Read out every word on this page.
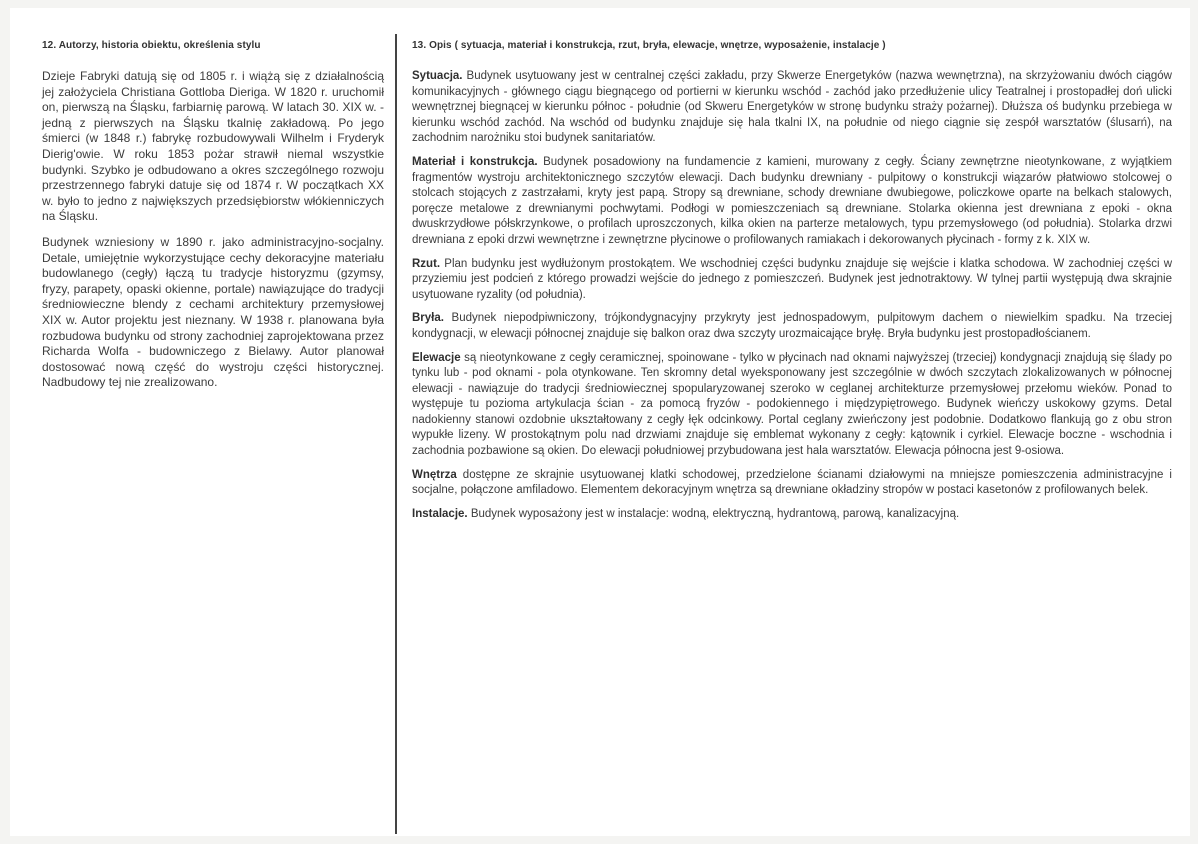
12. Autorzy, historia obiektu, określenia stylu

Dzieje Fabryki datują się od 1805 r. i wiążą się z działalnością jej założyciela Christiana Gottloba Dieriga. W 1820 r. uruchomił on, pierwszą na Śląsku, farbiarnię parową. W latach 30. XIX w. - jedną z pierwszych na Śląsku tkalnię zakładową. Po jego śmierci (w 1848 r.) fabrykę rozbudowywali Wilhelm i Fryderyk Dierig'owie. W roku 1853 pożar strawił niemal wszystkie budynki. Szybko je odbudowano a okres szczególnego rozwoju przestrzennego fabryki datuje się od 1874 r. W początkach XX w. było to jedno z największych przedsiębiorstw włókienniczych na Śląsku.

Budynek wzniesiony w 1890 r. jako administracyjno-socjalny. Detale, umiejętnie wykorzystujące cechy dekoracyjne materiału budowlanego (cegły) łączą tu tradycje historyzmu (gzymsy, fryzy, parapety, opaski okienne, portale) nawiązujące do tradycji średniowieczne blendy z cechami architektury przemysłowej XIX w. Autor projektu jest nieznany. W 1938 r. planowana była rozbudowa budynku od strony zachodniej zaprojektowana przez Richarda Wolfa - budowniczego z Bielawy. Autor planował dostosować nową część do wystroju części historycznej. Nadbudowy tej nie zrealizowano.

13. Opis ( sytuacja, materiał i konstrukcja, rzut, bryła, elewacje, wnętrze, wyposażenie, instalacje )

Sytuacja. Budynek usytuowany jest w centralnej części zakładu, przy Skwerze Energetyków (nazwa wewnętrzna), na skrzyżowaniu dwóch ciągów komunikacyjnych - głównego ciągu biegnącego od portierni w kierunku wschód - zachód jako przedłużenie ulicy Teatralnej i prostopadłej doń ulicki wewnętrznej biegnącej w kierunku północ - południe (od Skweru Energetyków w stronę budynku straży pożarnej). Dłuższa oś budynku przebiega w kierunku wschód zachód. Na wschód od budynku znajduje się hala tkalni IX, na południe od niego ciągnie się zespół warsztatów (ślusarń), na zachodnim narożniku stoi budynek sanitariatów.

Materiał i konstrukcja. Budynek posadowiony na fundamencie z kamieni, murowany z cegły. Ściany zewnętrzne nieotynkowane, z wyjątkiem fragmentów wystroju architektonicznego szczytów elewacji. Dach budynku drewniany - pulpitowy o konstrukcji wiązarów płatwiowo stolcowej o stolcach stojących z zastrzałami, kryty jest papą. Stropy są drewniane, schody drewniane dwubiegowe, policzkowe oparte na belkach stalowych, poręcze metalowe z drewnianymi pochwytami. Podłogi w pomieszczeniach są drewniane. Stolarka okienna jest drewniana z epoki - okna dwuskrzydłowe półskrzynkowe, o profilach uproszczonych, kilka okien na parterze metalowych, typu przemysłowego (od południa). Stolarka drzwi drewniana z epoki drzwi wewnętrzne i zewnętrzne płycinowe o profilowanych ramiakach i dekorowanych płycinach - formy z k. XIX w.

Rzut. Plan budynku jest wydłużonym prostokątem. We wschodniej części budynku znajduje się wejście i klatka schodowa. W zachodniej części w przyziemiu jest podcień z którego prowadzi wejście do jednego z pomieszczeń. Budynek jest jednotraktowy. W tylnej partii występują dwa skrajnie usytuowane ryzality (od południa).

Bryła. Budynek niepodpiwniczony, trójkondygnacyjny przykryty jest jednospadowym, pulpitowym dachem o niewielkim spadku. Na trzeciej kondygnacji, w elewacji północnej znajduje się balkon oraz dwa szczyty urozmaicające bryłę. Bryła budynku jest prostopadłościanem.

Elewacje są nieotynkowane z cegły ceramicznej, spoinowane - tylko w płycinach nad oknami najwyższej (trzeciej) kondygnacji znajdują się ślady po tynku lub - pod oknami - pola otynkowane. Ten skromny detal wyeksponowany jest szczególnie w dwóch szczytach zlokalizowanych w północnej elewacji - nawiązuje do tradycji średniowiecznej spopularyzowanej szeroko w ceglanej architekturze przemysłowej przełomu wieków. Ponad to występuje tu pozioma artykulacja ścian - za pomocą fryzów - podokiennego i międzypiętrowego. Budynek wieńczy uskokowy gzyms. Detal nadokienny stanowi ozdobnie ukształtowany z cegły łęk odcinkowy. Portal ceglany zwieńczony jest podobnie. Dodatkowo flankują go z obu stron wypukłe lizeny. W prostokątnym polu nad drzwiami znajduje się emblemat wykonany z cegły: kątownik i cyrkiel. Elewacje boczne - wschodnia i zachodnia pozbawione są okien. Do elewacji południowej przybudowana jest hala warsztatów. Elewacja północna jest 9-osiowa.

Wnętrza dostępne ze skrajnie usytuowanej klatki schodowej, przedzielone ścianami działowymi na mniejsze pomieszczenia administracyjne i socjalne, połączone amfiladowo. Elementem dekoracyjnym wnętrza są drewniane okładziny stropów w postaci kasetonów z profilowanych belek.

Instalacje. Budynek wyposażony jest w instalacje: wodną, elektryczną, hydrantową, parową, kanalizacyjną.
